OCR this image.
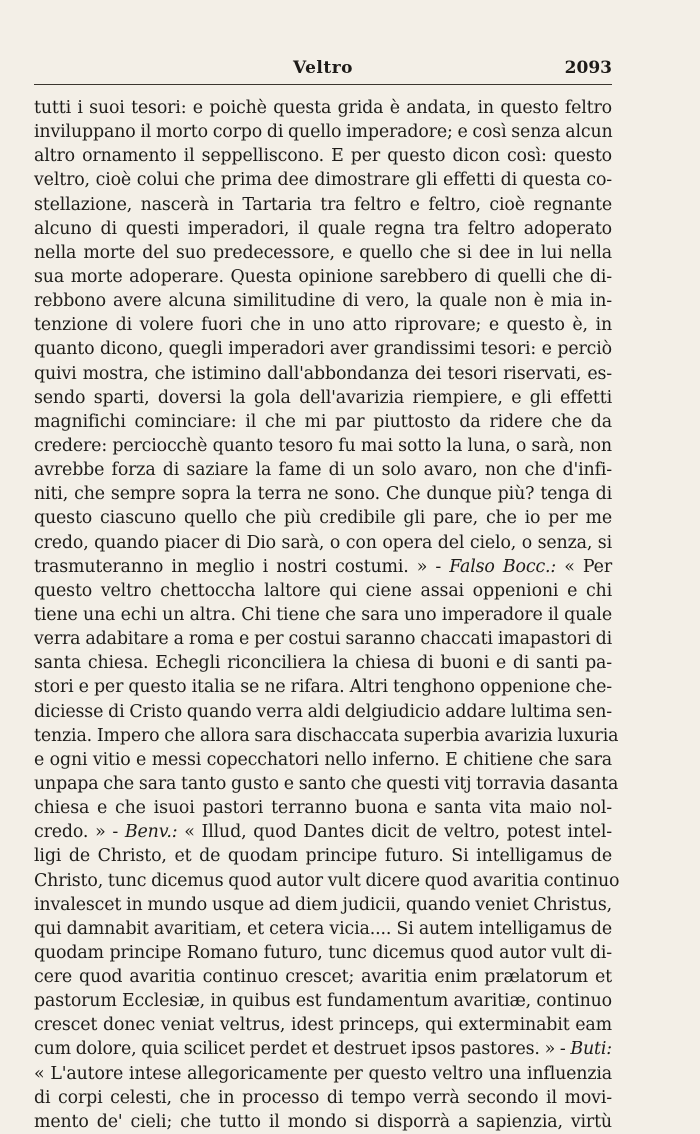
Veltro	2093
tutti i suoi tesori: e poichè questa grida è andata, in questo feltro
inviluppano il morto corpo di quello imperadore; e così senza alcun
altro ornamento il seppelliscono. E per questo dicon così: questo
veltro, cioè colui che prima dee dimostrare gli effetti di questa co-
stellazione, nascerà in Tartaria tra feltro e feltro, cioè regnante
alcuno di questi imperadori, il quale regna tra feltro adoperato
nella morte del suo predecessore, e quello che si dee in lui nella
sua morte adoperare. Questa opinione sarebbero di quelli che di-
rebbono avere alcuna similitudine di vero, la quale non è mia in-
tenzione di volere fuori che in uno atto riprovare; e questo è, in
quanto dicono, quegli imperadori aver grandissimi tesori: e perciò
quivi mostra, che istimino dall'abbondanza dei tesori riservati, es-
sendo sparti, doversi la gola dell'avarizia riempiere, e gli effetti
magnifichi cominciare: il che mi par piuttosto da ridere che da
credere: perciocchè quanto tesoro fu mai sotto la luna, o sarà, non
avrebbe forza di saziare la fame di un solo avaro, non che d'infi-
niti, che sempre sopra la terra ne sono. Che dunque più? tenga di
questo ciascuno quello che più credibile gli pare, che io per me
credo, quando piacer di Dio sarà, o con opera del cielo, o senza, si
trasmuteranno in meglio i nostri costumi. » - Falso Bocc.: « Per
questo veltro chettoccha laltore qui ciene assai oppenioni e chi
tiene una echi un altra. Chi tiene che sara uno imperadore il quale
verra adabitare a roma e per costui saranno chaccati imapastori di
santa chiesa. Echegli riconciliera la chiesa di buoni e di santi pa-
stori e per questo italia se ne rifara. Altri tenghono oppenione che-
diciesse di Cristo quando verra aldi delgiudicio addare lultima sen-
tenzia. Impero che allora sara dischaccata superbia avarizia luxuria
e ogni vitio e messi copecchatori nello inferno. E chitiene che sara
unpapa che sara tanto gusto e santo che questi vitj torravia dasanta
chiesa e che isuoi pastori terranno buona e santa vita maio nol-
credo. » - Benv.: « Illud, quod Dantes dicit de veltro, potest intel-
ligi de Christo, et de quodam principe futuro. Si intelligamus de
Christo, tunc dicemus quod autor vult dicere quod avaritia continuo
invalescet in mundo usque ad diem judicii, quando veniet Christus,
qui damnabit avaritiam, et cetera vicia.... Si autem intelligamus de
quodam principe Romano futuro, tunc dicemus quod autor vult di-
cere quod avaritia continuo crescet; avaritia enim prælatorum et
pastorum Ecclesiæ, in quibus est fundamentum avaritiæ, continuo
crescet donec veniat veltrus, idest princeps, qui exterminabit eam
cum dolore, quia scilicet perdet et destruet ipsos pastores. » - Buti:
« L'autore intese allegoricamente per questo veltro una influenzia
di corpi celesti, che in processo di tempo verrà secondo il movi-
mento de' cieli; che tutto il mondo si disporrà a sapienzia, virtù
